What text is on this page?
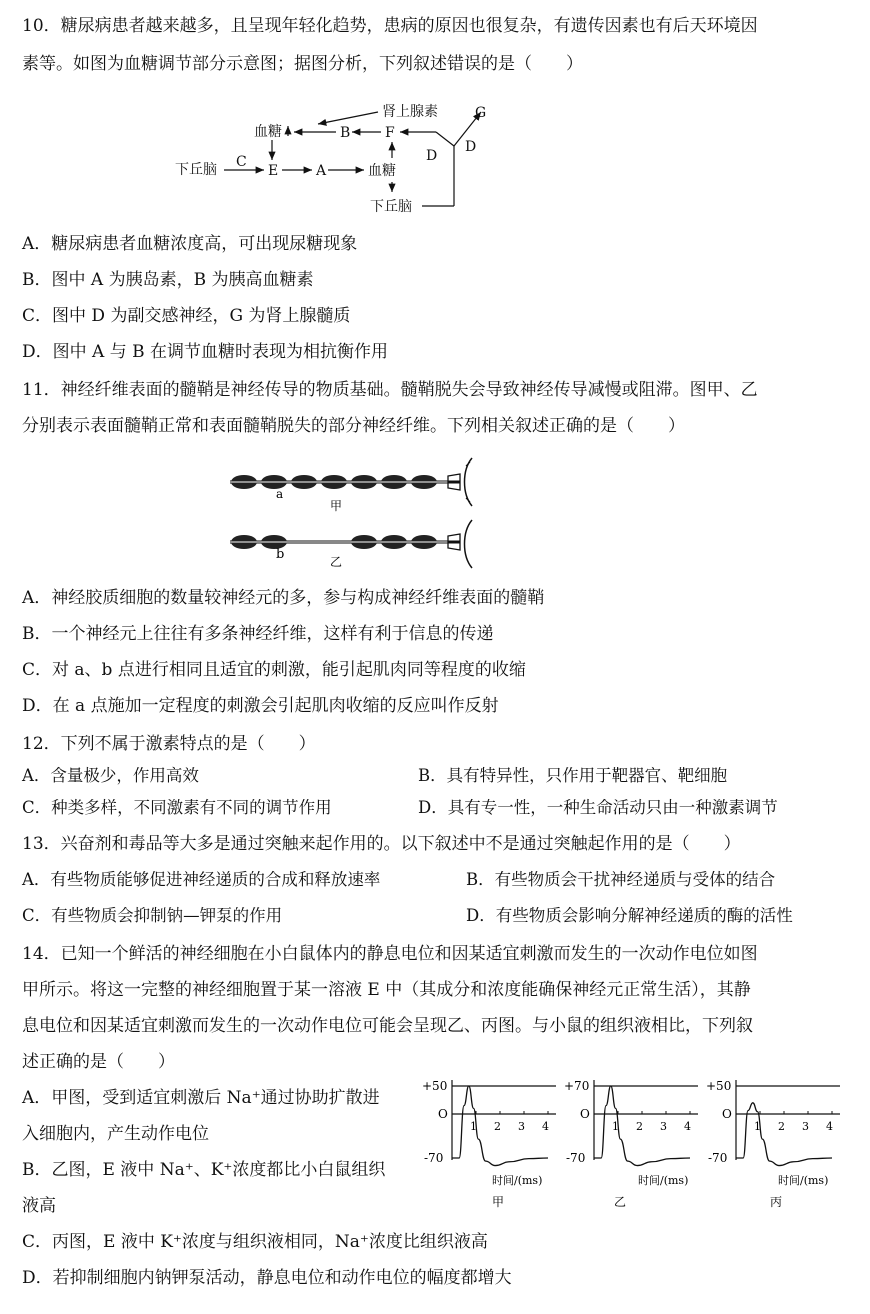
10．糖尿病患者越来越多，且呈现年轻化趋势，患病的原因也很复杂，有遗传因素也有后天环境因
素等。如图为血糖调节部分示意图；据图分析，下列叙述错误的是（　　）
肾上腺素	G
血糖	B F
D
D
下丘脑 C
E	A	血糖
下丘脑
A．糖尿病患者血糖浓度高，可出现尿糖现象
B．图中 A 为胰岛素，B 为胰高血糖素
C．图中 D 为副交感神经，G 为肾上腺髓质
D．图中 A 与 B 在调节血糖时表现为相抗衡作用
11．神经纤维表面的髓鞘是神经传导的物质基础。髓鞘脱失会导致神经传导减慢或阻滞。图甲、乙
分别表示表面髓鞘正常和表面髓鞘脱失的部分神经纤维。下列相关叙述正确的是（　　）
a
甲
b	乙
A．神经胶质细胞的数量较神经元的多，参与构成神经纤维表面的髓鞘
B．一个神经元上往往有多条神经纤维，这样有利于信息的传递
C．对 a、b 点进行相同且适宜的刺激，能引起肌肉同等程度的收缩
D．在 a 点施加一定程度的刺激会引起肌肉收缩的反应叫作反射
12．下列不属于激素特点的是（　　）
A．含量极少，作用高效	B．具有特异性，只作用于靶器官、靶细胞
C．种类多样，不同激素有不同的调节作用	D．具有专一性，一种生命活动只由一种激素调节
13．兴奋剂和毒品等大多是通过突触来起作用的。以下叙述中不是通过突触起作用的是（　　）
A．有些物质能够促进神经递质的合成和释放速率	B．有些物质会干扰神经递质与受体的结合
C．有些物质会抑制钠—钾泵的作用	D．有些物质会影响分解神经递质的酶的活性
14．已知一个鲜活的神经细胞在小白鼠体内的静息电位和因某适宜刺激而发生的一次动作电位如图
甲所示。将这一完整的神经细胞置于某一溶液 E 中（其成分和浓度能确保神经元正常生活），其静
息电位和因某适宜刺激而发生的一次动作电位可能会呈现乙、丙图。与小鼠的组织液相比，下列叙
述正确的是（　　）
A．甲图，受到适宜刺激后 Na⁺通过协助扩散进
入细胞内，产生动作电位
B．乙图，E 液中 Na⁺、K⁺浓度都比小白鼠组织
液高
C．丙图，E 液中 K⁺浓度与组织液相同，Na⁺浓度比组织液高
D．若抑制细胞内钠钾泵活动，静息电位和动作电位的幅度都增大
+50
O
-70
1 2 3 4
时间/(ms)
甲
+70
O
-70
1 2 3 4
时间/(ms)
乙
+50
O
-70
1 2 3 4
时间/(ms)
丙
